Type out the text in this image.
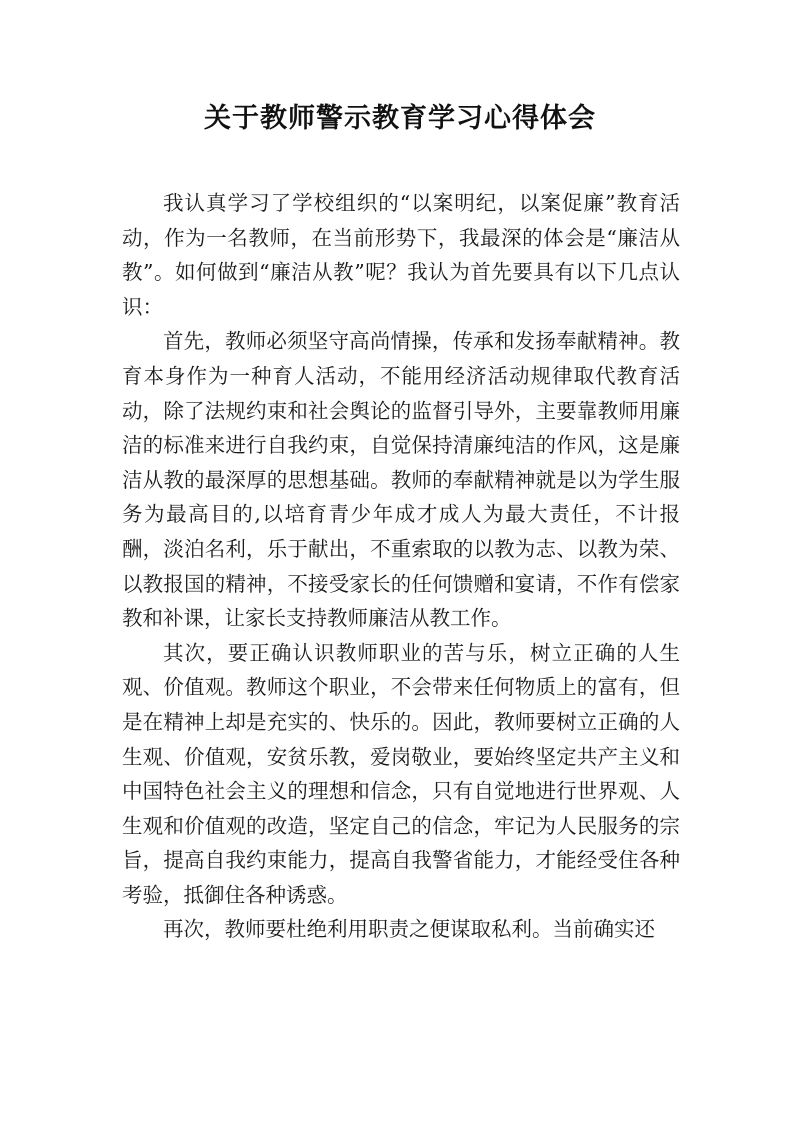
关于教师警示教育学习心得体会

我认真学习了学校组织的“以案明纪，以案促廉”教育活动，作为一名教师，在当前形势下，我最深的体会是“廉洁从教”。如何做到“廉洁从教”呢？我认为首先要具有以下几点认识：

首先，教师必须坚守高尚情操，传承和发扬奉献精神。教育本身作为一种育人活动，不能用经济活动规律取代教育活动，除了法规约束和社会舆论的监督引导外，主要靠教师用廉洁的标准来进行自我约束，自觉保持清廉纯洁的作风，这是廉洁从教的最深厚的思想基础。教师的奉献精神就是以为学生服务为最高目的,以培育青少年成才成人为最大责任，不计报酬，淡泊名利，乐于献出，不重索取的以教为志、以教为荣、以教报国的精神，不接受家长的任何馈赠和宴请，不作有偿家教和补课，让家长支持教师廉洁从教工作。

其次，要正确认识教师职业的苦与乐，树立正确的人生观、价值观。教师这个职业，不会带来任何物质上的富有，但是在精神上却是充实的、快乐的。因此，教师要树立正确的人生观、价值观，安贫乐教，爱岗敬业，要始终坚定共产主义和中国特色社会主义的理想和信念，只有自觉地进行世界观、人生观和价值观的改造，坚定自己的信念，牢记为人民服务的宗旨，提高自我约束能力，提高自我警省能力，才能经受住各种考验，抵御住各种诱惑。

再次，教师要杜绝利用职责之便谋取私利。当前确实还
